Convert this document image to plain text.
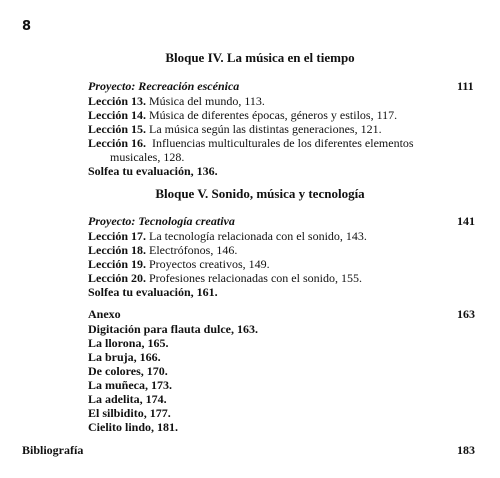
8
Bloque IV. La música en el tiempo
Proyecto: Recreación escénica	111
Lección 13. Música del mundo, 113.
Lección 14. Música de diferentes épocas, géneros y estilos, 117.
Lección 15. La música según las distintas generaciones, 121.
Lección 16. Influencias multiculturales de los diferentes elementos
musicales, 128.
Solfea tu evaluación, 136.
Bloque V. Sonido, música y tecnología
Proyecto: Tecnología creativa	141
Lección 17. La tecnología relacionada con el sonido, 143.
Lección 18. Electrófonos, 146.
Lección 19. Proyectos creativos, 149.
Lección 20. Profesiones relacionadas con el sonido, 155.
Solfea tu evaluación, 161.
Anexo	163
Digitación para flauta dulce, 163.
La llorona, 165.
La bruja, 166.
De colores, 170.
La muñeca, 173.
La adelita, 174.
El silbidito, 177.
Cielito lindo, 181.
Bibliografía	183
